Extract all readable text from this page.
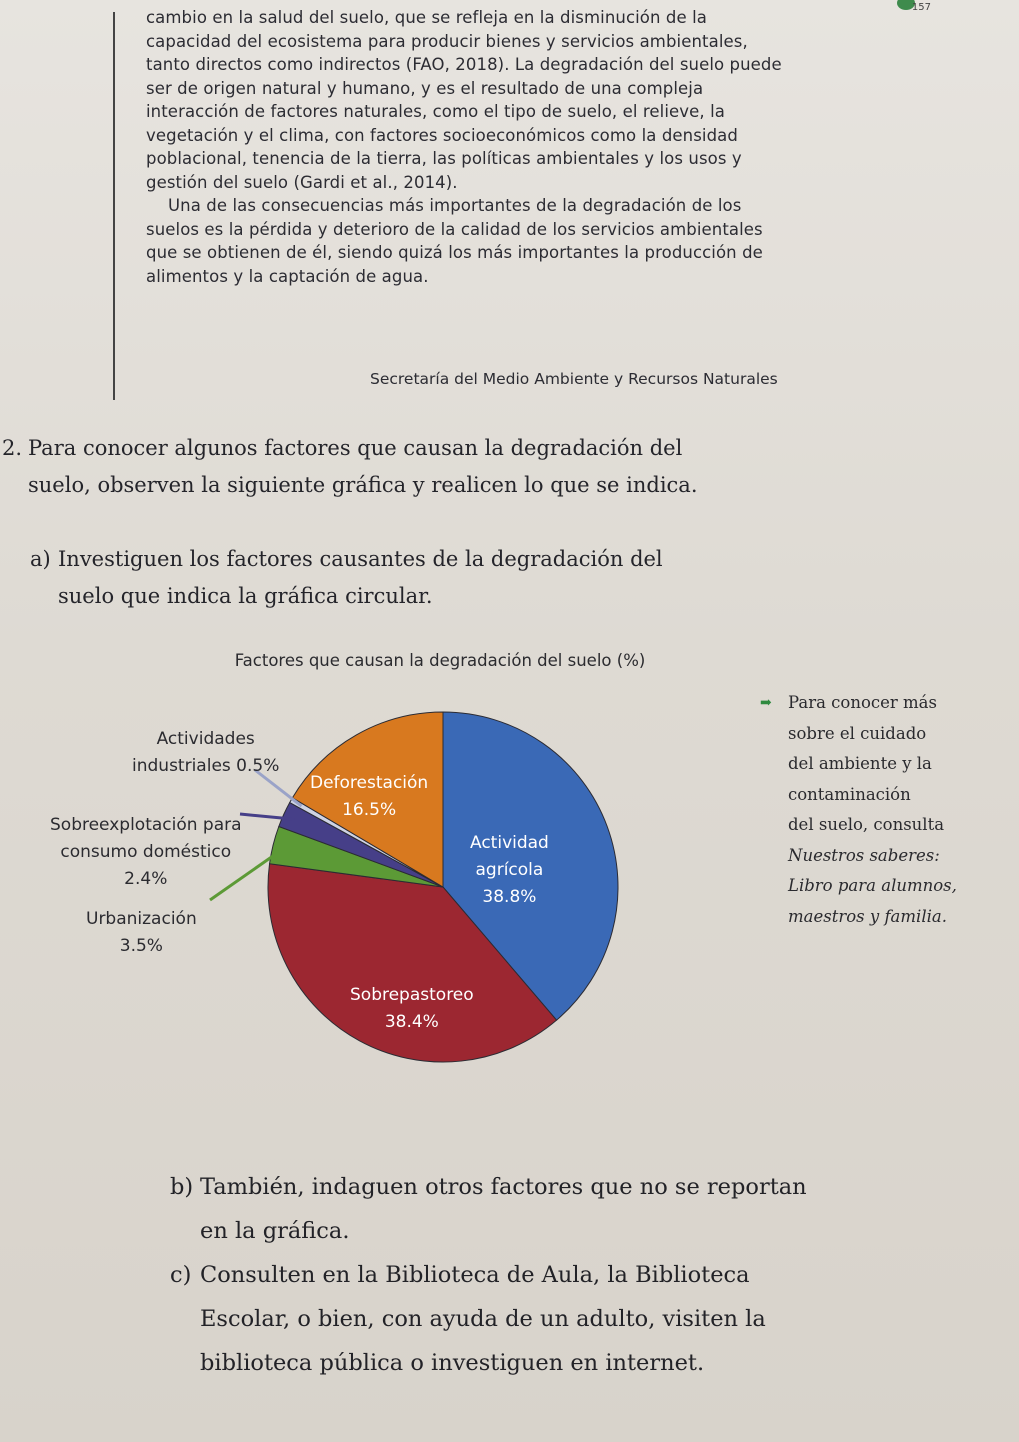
157

cambio en la salud del suelo, que se refleja en la disminución de la capacidad del ecosistema para producir bienes y servicios ambientales, tanto directos como indirectos (FAO, 2018). La degradación del suelo puede ser de origen natural y humano, y es el resultado de una compleja interacción de factores naturales, como el tipo de suelo, el relieve, la vegetación y el clima, con factores socioeconómicos como la densidad poblacional, tenencia de la tierra, las políticas ambientales y los usos y gestión del suelo (Gardi et al., 2014).

Una de las consecuencias más importantes de la degradación de los suelos es la pérdida y deterioro de la calidad de los servicios ambientales que se obtienen de él, siendo quizá los más importantes la producción de alimentos y la captación de agua.

Secretaría del Medio Ambiente y Recursos Naturales
2. Para conocer algunos factores que causan la degradación del suelo, observen la siguiente gráfica y realicen lo que se indica.
a) Investiguen los factores causantes de la degradación del suelo que indica la gráfica circular.
Factores que causan la degradación del suelo (%)
Actividad
agrícola
38.8%
Sobrepastoreo
38.4%
Deforestación
16.5%
Urbanización
3.5%
Sobreexplotación para
consumo doméstico
2.4%
Actividades
industriales 0.5%
➡ Para conocer más
sobre el cuidado
del ambiente y la
contaminación
del suelo, consulta
Nuestros saberes:
Libro para alumnos,
maestros y familia.
b) También, indaguen otros factores que no se reportan en la gráfica.
c) Consulten en la Biblioteca de Aula, la Biblioteca Escolar, o bien, con ayuda de un adulto, visiten la biblioteca pública o investiguen en internet.
